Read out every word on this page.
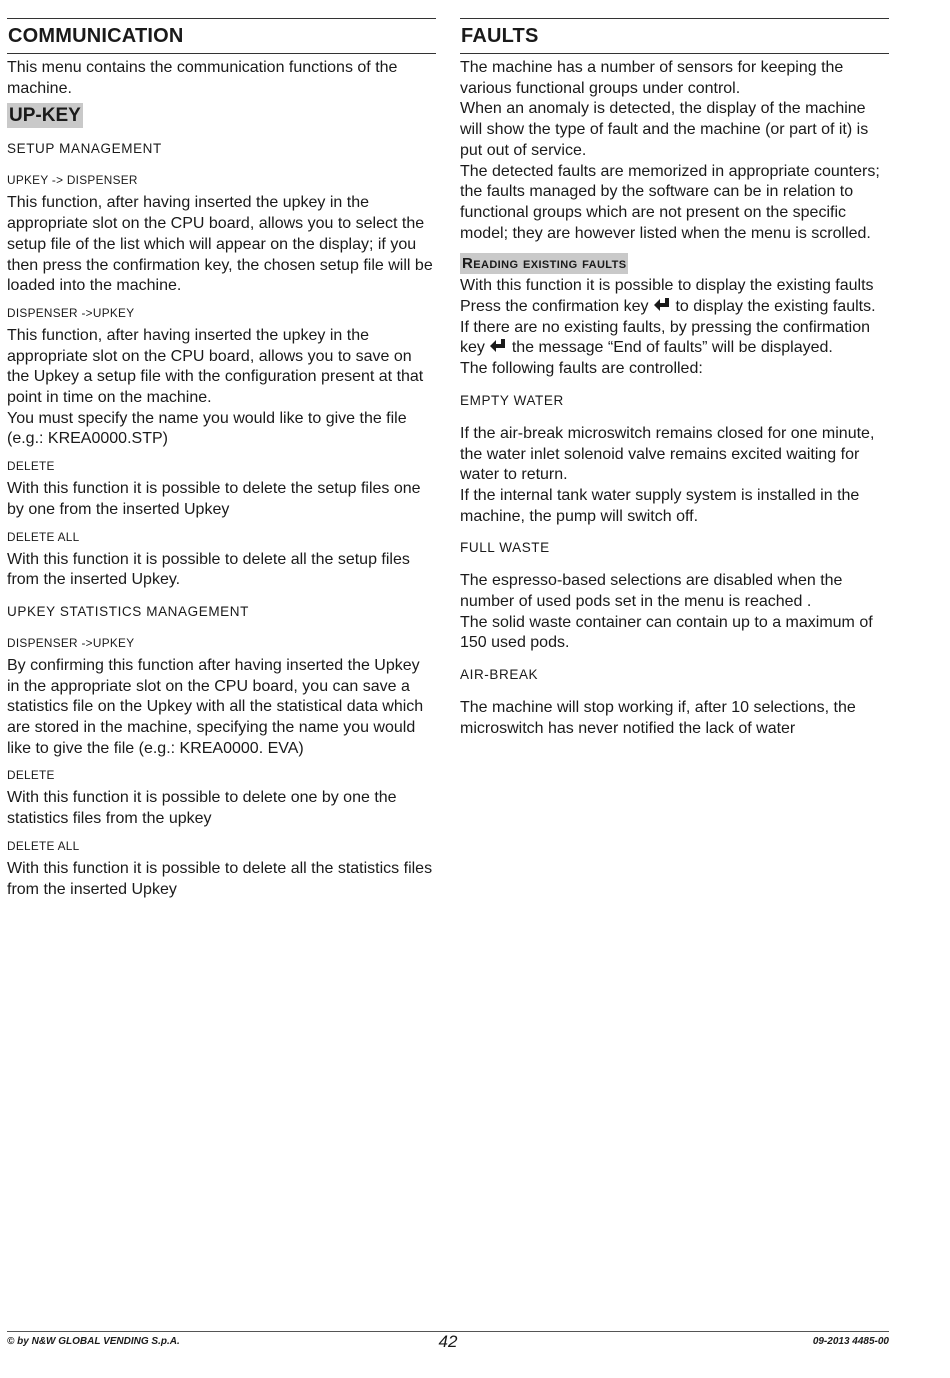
COMMUNICATION

This menu contains the communication functions of the machine.

UP-KEY
SETUP MANAGEMENT
UPKEY -> DISPENSER

This function, after having inserted the upkey in the appropriate slot on the CPU board, allows you to select the setup file of the list which will appear on the display; if you then press the confirmation key, the chosen setup file will be loaded into the machine.

DISPENSER ->UPKEY

This function, after having inserted the upkey in the appropriate slot on the CPU board, allows you to save on the Upkey a setup file with the configuration present at that point in time on the machine.

You must specify the name you would like to give the file (e.g.: KREA0000.STP)

DELETE

With this function it is possible to delete the setup files one by one from the inserted Upkey

DELETE ALL

With this function it is possible to delete all the setup files from the inserted Upkey.

UPKEY STATISTICS MANAGEMENT
DISPENSER ->UPKEY

By confirming this function after having inserted the Upkey in the appropriate slot on the CPU board, you can save a statistics file on the Upkey with all the statistical data which are stored in the machine, specifying the name you would like to give the file (e.g.: KREA0000. EVA)

DELETE

With this function it is possible to delete one by one the statistics files from the upkey

DELETE ALL

With this function it is possible to delete all the statistics files from the inserted Upkey

FAULTS

The machine has a number of sensors for keeping the various functional groups under control.

When an anomaly is detected, the display of the machine will show the type of fault and the machine (or part of it) is put out of service.

The detected faults are memorized in appropriate counters; the faults managed by the software can be in relation to functional groups which are not present on the specific model; they are however listed when the menu is scrolled.

Reading existing faults

With this function it is possible to display the existing faults

Press the confirmation key to display the existing faults.

If there are no existing faults, by pressing the confirmation key the message “End of faults” will be displayed.

The following faults are controlled:

EMPTY WATER

If the air-break microswitch remains closed for one minute, the water inlet solenoid valve remains excited waiting for water to return.

If the internal tank water supply system is installed in the machine, the pump will switch off.

FULL WASTE

The espresso-based selections are disabled when the number of used pods set in the menu is reached .

The solid waste container can contain up to a maximum of 150 used pods.

AIR-BREAK

The machine will stop working if, after 10 selections, the microswitch has never notified the lack of water

© by N&W GLOBAL VENDING S.p.A.	42	09-2013 4485-00
